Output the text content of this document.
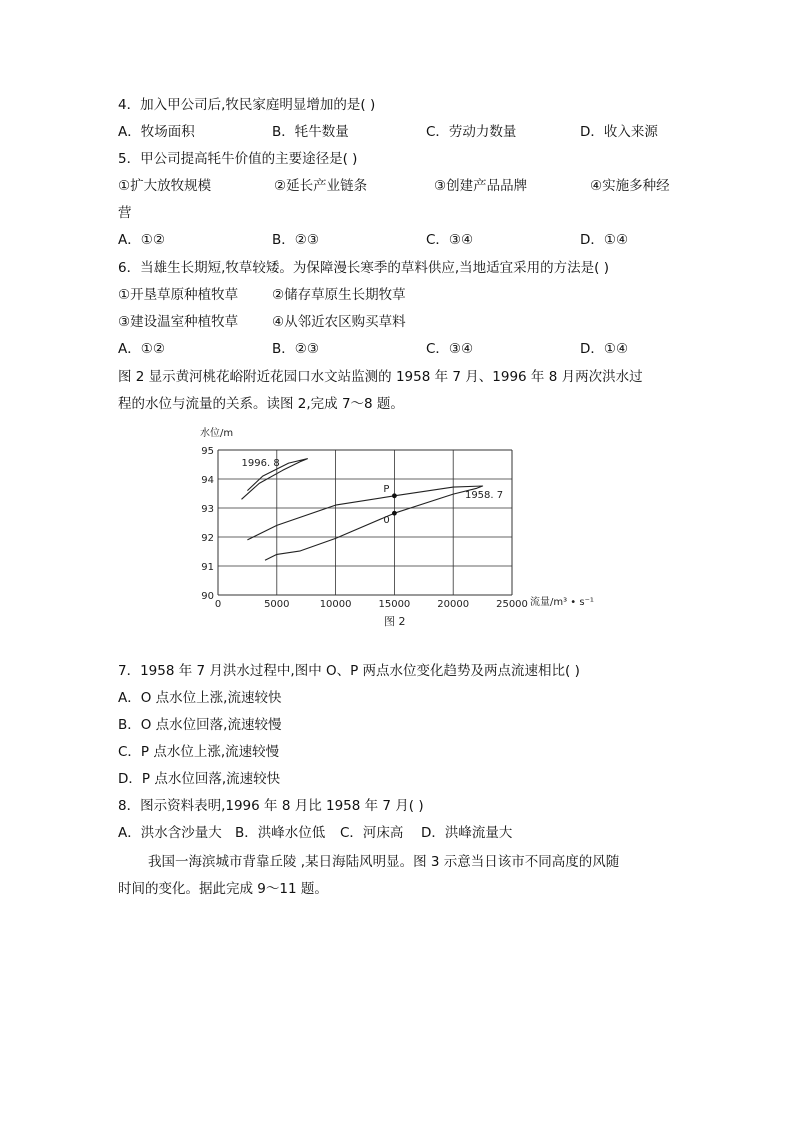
4．加入甲公司后,牧民家庭明显增加的是( )
A．牧场面积	B．牦牛数量	C．劳动力数量	D．收入来源
5．甲公司提高牦牛价值的主要途径是( )
①扩大放牧规模	②延长产业链条	③创建产品品牌	④实施多种经
营
A．①②	B．②③	C．③④	D．①④
6．当雄生长期短,牧草较矮。为保障漫长寒季的草料供应,当地适宜采用的方法是( )
①开垦草原种植牧草	②储存草原生长期牧草
③建设温室种植牧草	④从邻近农区购买草料
A．①②	B．②③	C．③④	D．①④
图 2 显示黄河桃花峪附近花园口水文站监测的 1958 年 7 月、1996 年 8 月两次洪水过
程的水位与流量的关系。读图 2,完成 7～8 题。
水位/m
流量/m³ • s⁻¹
图 2
0	5000	10000	15000	20000	25000
90
91
92
93
94
95
1996. 8
1958. 7
P
0
7．1958 年 7 月洪水过程中,图中 O、P 两点水位变化趋势及两点流速相比( )
A．O 点水位上涨,流速较快
B．O 点水位回落,流速较慢
C．P 点水位上涨,流速较慢
D．P 点水位回落,流速较快
8．图示资料表明,1996 年 8 月比 1958 年 7 月( )
A．洪水含沙量大 B．洪峰水位低 C．河床高 D．洪峰流量大
我国一海滨城市背靠丘陵 ,某日海陆风明显。图 3 示意当日该市不同高度的风随
时间的变化。据此完成 9～11 题。
